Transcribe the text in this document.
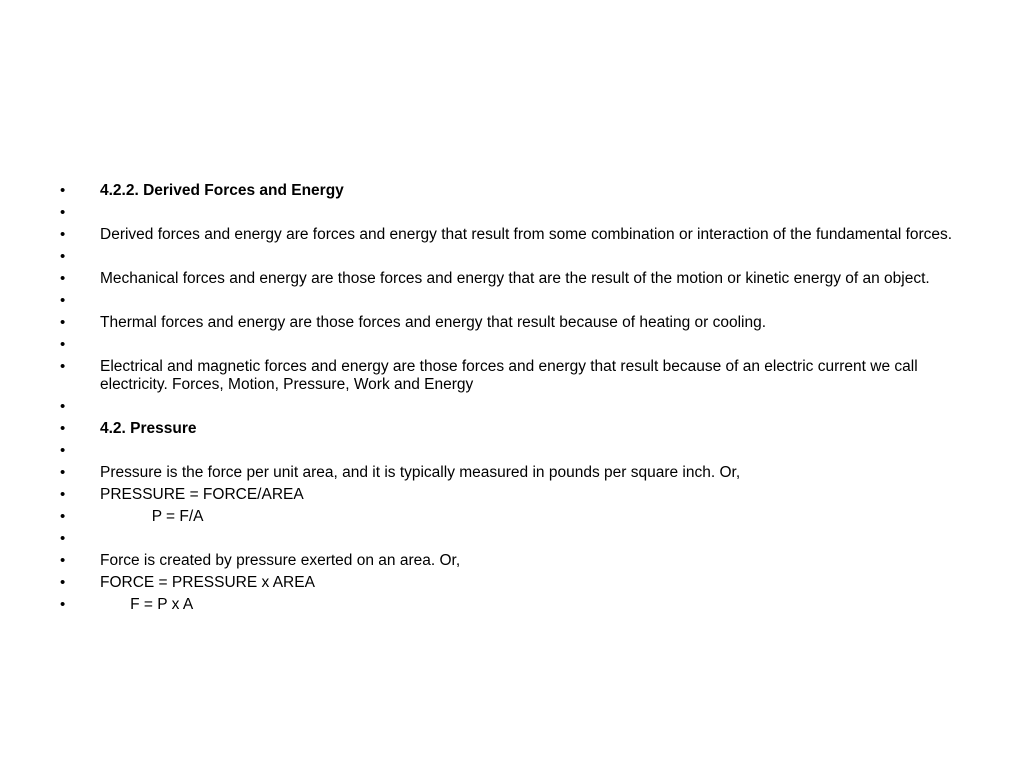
•	4.2.2. Derived Forces and Energy
•
•	Derived forces and energy are forces and energy that result from some combination or interaction of the fundamental forces.
•
•	Mechanical forces and energy are those forces and energy that are the result of the motion or kinetic energy of an object.
•
•	Thermal forces and energy are those forces and energy that result because of heating or cooling.
•
•	Electrical and magnetic forces and energy are those forces and energy that result because of an electric current we call electricity. Forces, Motion, Pressure, Work and Energy
•
•	4.2. Pressure
•
•	Pressure is the force per unit area, and it is typically measured in pounds per square inch. Or,
•	PRESSURE = FORCE/AREA
•	P = F/A
•
•	Force is created by pressure exerted on an area. Or,
•	FORCE = PRESSURE x AREA
•	F = P x A
